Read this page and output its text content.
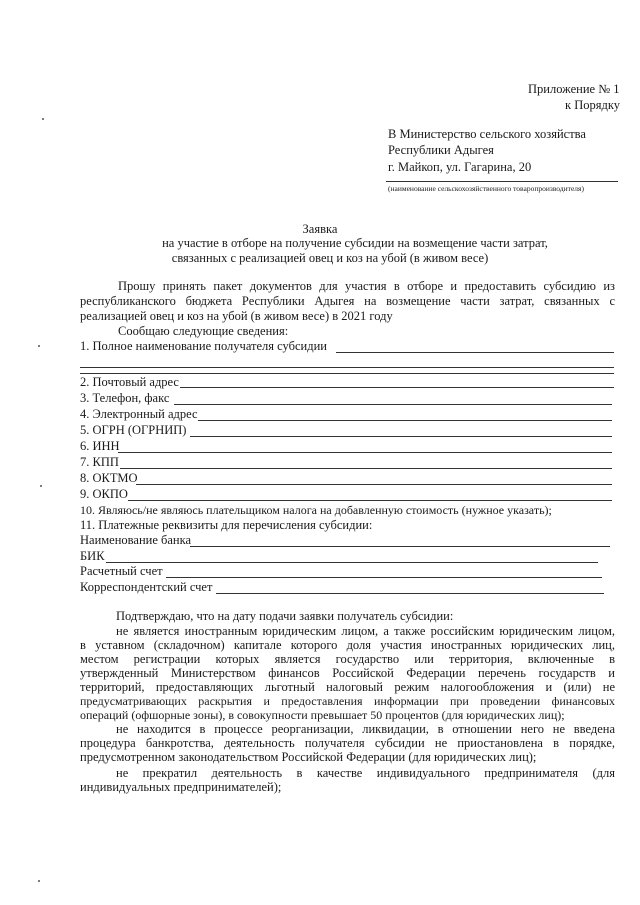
Приложение № 1
к Порядку
В Министерство сельского хозяйства
Республики Адыгея
г. Майкоп, ул. Гагарина, 20
(наименование сельскохозяйственного товаропроизводителя)
Заявка
на участие в отборе на получение субсидии на возмещение части затрат,
связанных с реализацией овец и коз на убой (в живом весе)
Прошу принять пакет документов для участия в отборе и предоставить субсидию из
республиканского бюджета Республики Адыгея на возмещение части затрат, связанных с
реализацией овец и коз на убой (в живом весе) в 2021 году
Сообщаю следующие сведения:
1. Полное наименование получателя субсидии
2. Почтовый адрес
3. Телефон, факс
4. Электронный адрес
5. ОГРН (ОГРНИП)
6. ИНН
7. КПП
8. ОКТМО
9. ОКПО
10. Являюсь/не являюсь плательщиком налога на добавленную стоимость (нужное указать);
11. Платежные реквизиты для перечисления субсидии:
Наименование банка
БИК
Расчетный счет
Корреспондентский счет
Подтверждаю, что на дату подачи заявки получатель субсидии:
не является иностранным юридическим лицом, а также российским юридическим лицом,
в уставном (складочном) капитале которого доля участия иностранных юридических лиц,
местом регистрации которых является государство или территория, включенные в
утвержденный Министерством финансов Российской Федерации перечень государств и
территорий, предоставляющих льготный налоговый режим налогообложения и (или) не
предусматривающих раскрытия и предоставления информации при проведении финансовых
операций (офшорные зоны), в совокупности превышает 50 процентов (для юридических лиц);
не находится в процессе реорганизации, ликвидации, в отношении него не введена
процедура банкротства, деятельность получателя субсидии не приостановлена в порядке,
предусмотренном законодательством Российской Федерации (для юридических лиц);
не прекратил деятельность в качестве индивидуального предпринимателя (для
индивидуальных предпринимателей);
